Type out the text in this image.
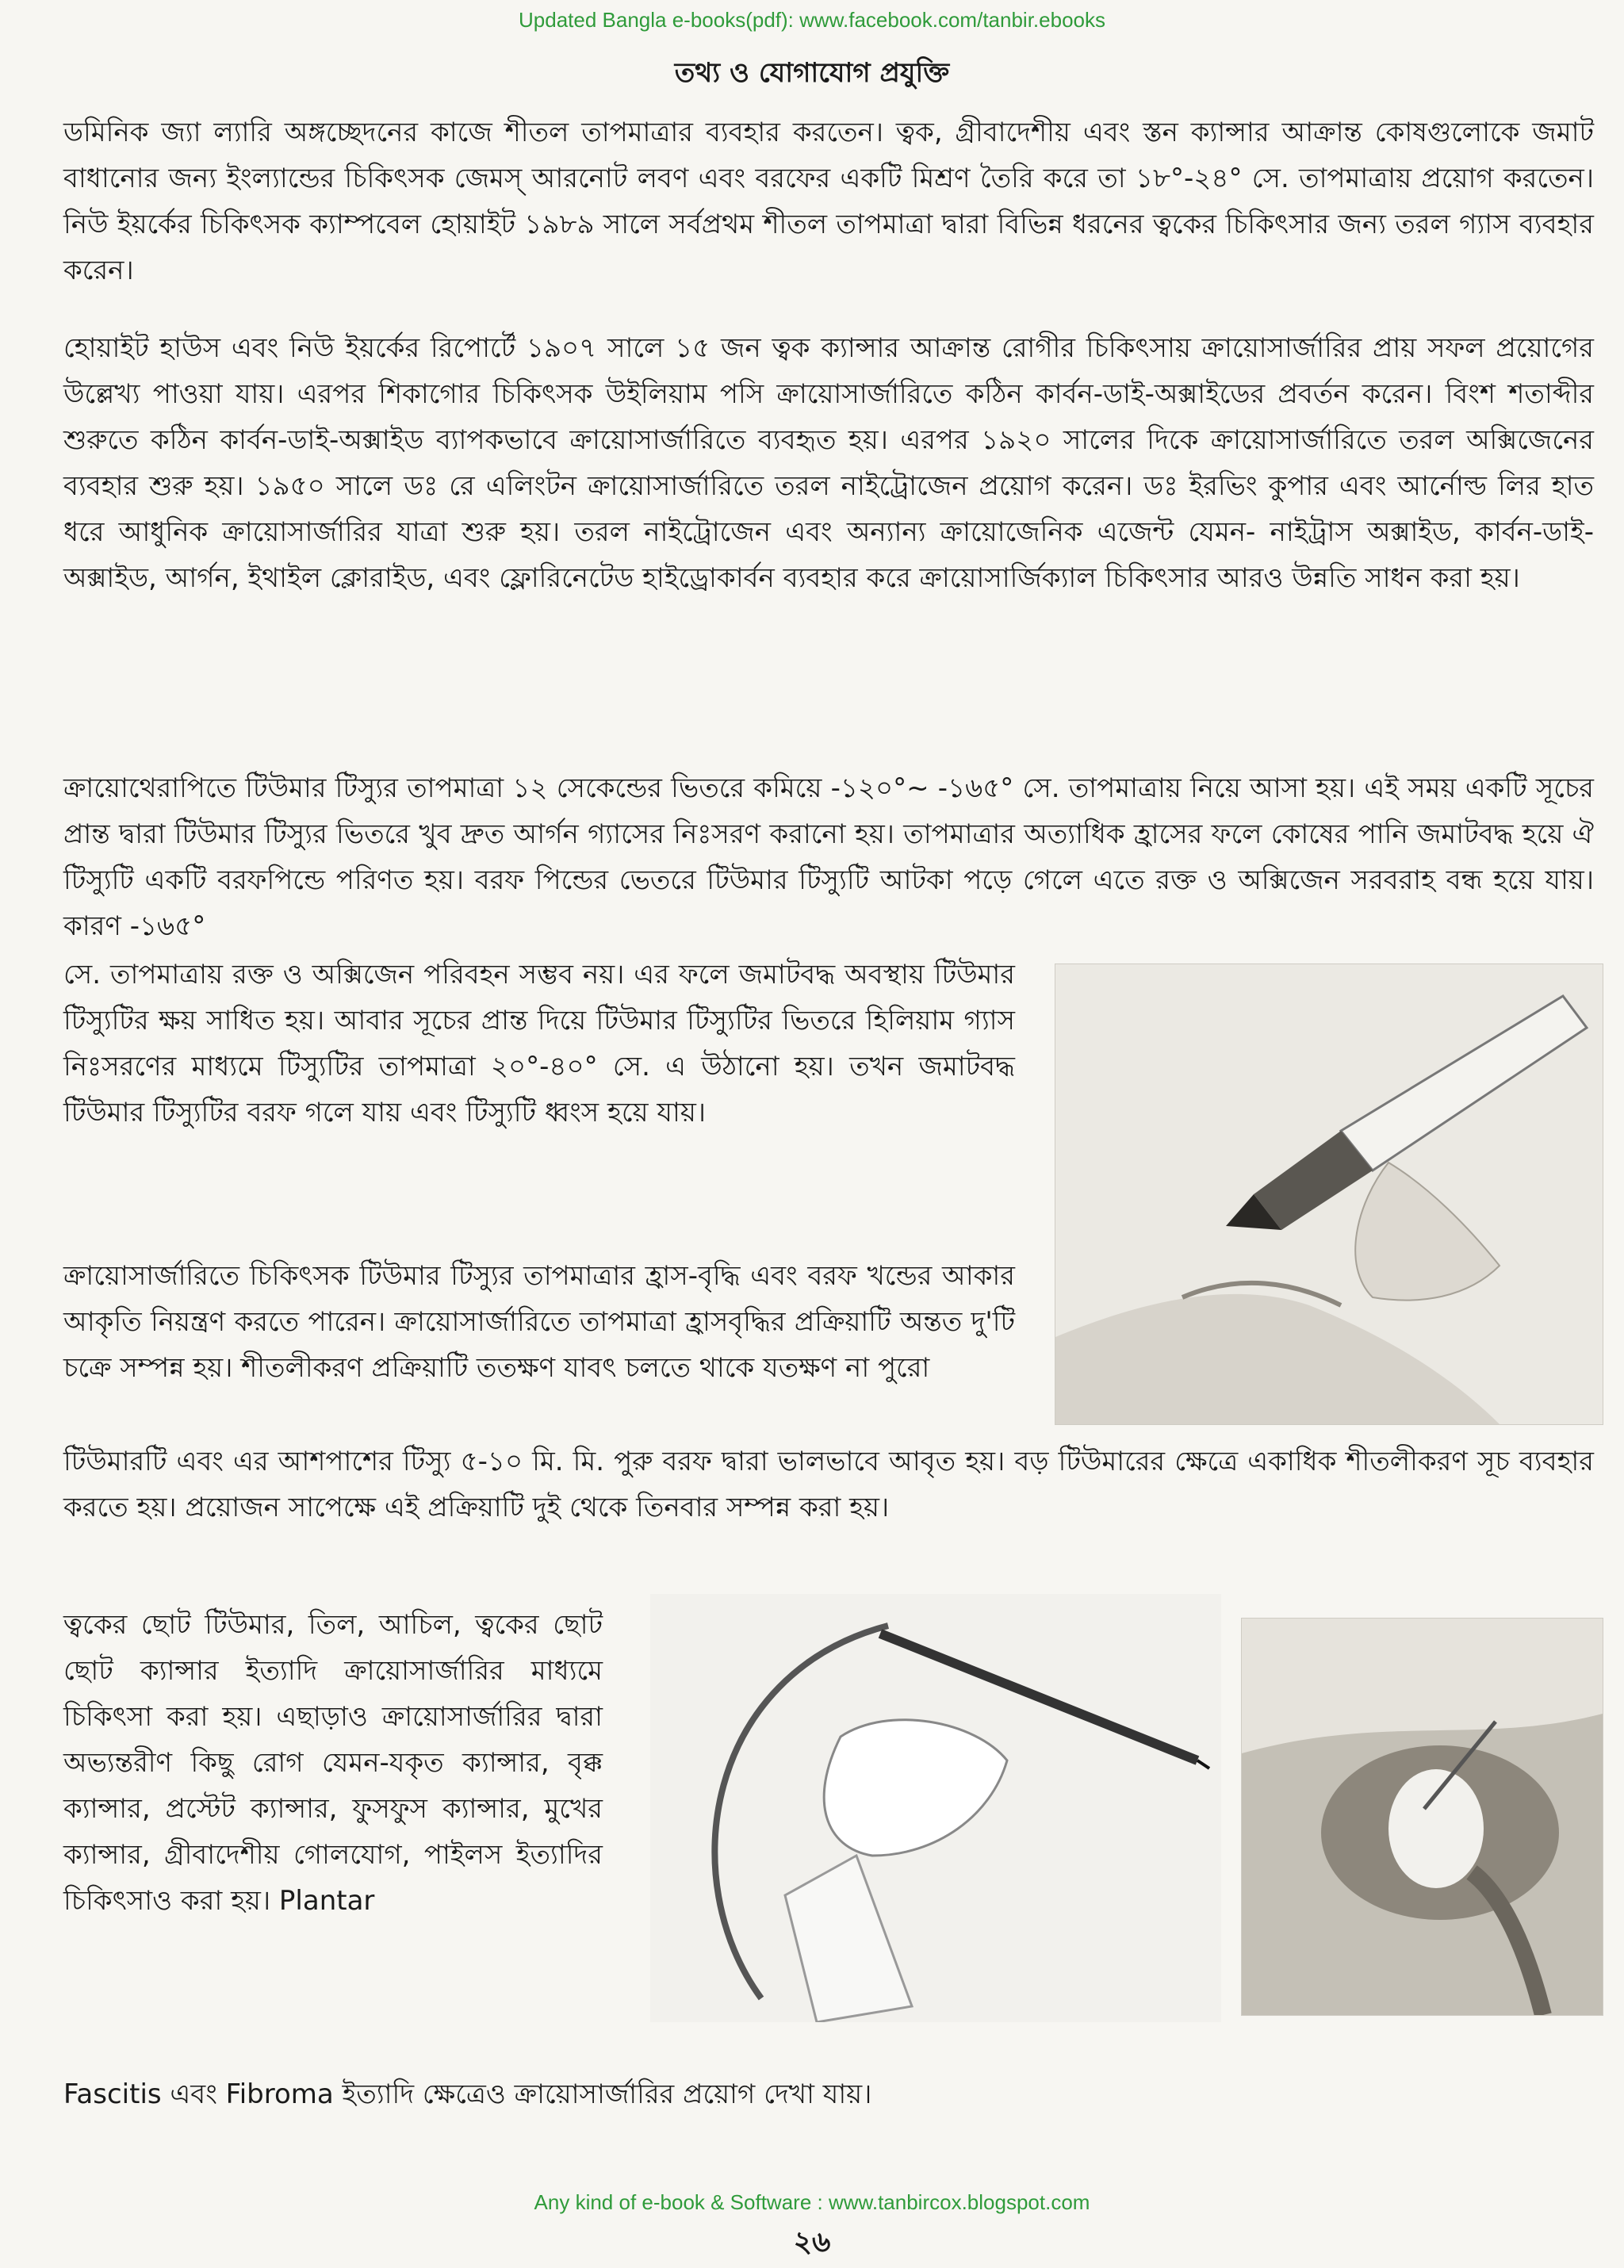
Updated Bangla e-books(pdf): www.facebook.com/tanbir.ebooks
তথ্য ও যোগাযোগ প্রযুক্তি

ডমিনিক জ্যা ল্যারি অঙ্গচ্ছেদনের কাজে শীতল তাপমাত্রার ব্যবহার করতেন। ত্বক, গ্রীবাদেশীয় এবং স্তন ক্যান্সার আক্রান্ত কোষগুলোকে জমাট বাধানোর জন্য ইংল্যান্ডের চিকিৎসক জেমস্ আরনোট লবণ এবং বরফের একটি মিশ্রণ তৈরি করে তা ১৮°-২৪° সে. তাপমাত্রায় প্রয়োগ করতেন। নিউ ইয়র্কের চিকিৎসক ক্যাম্পবেল হোয়াইট ১৯৮৯ সালে সর্বপ্রথম শীতল তাপমাত্রা দ্বারা বিভিন্ন ধরনের ত্বকের চিকিৎসার জন্য তরল গ্যাস ব্যবহার করেন।

হোয়াইট হাউস এবং নিউ ইয়র্কের রিপোর্টে ১৯০৭ সালে ১৫ জন ত্বক ক্যান্সার আক্রান্ত রোগীর চিকিৎসায় ক্রায়োসার্জারির প্রায় সফল প্রয়োগের উল্লেখ্য পাওয়া যায়। এরপর শিকাগোর চিকিৎসক উইলিয়াম পসি ক্রায়োসার্জারিতে কঠিন কার্বন-ডাই-অক্সাইডের প্রবর্তন করেন। বিংশ শতাব্দীর শুরুতে কঠিন কার্বন-ডাই-অক্সাইড ব্যাপকভাবে ক্রায়োসার্জারিতে ব্যবহৃত হয়। এরপর ১৯২০ সালের দিকে ক্রায়োসার্জারিতে তরল অক্সিজেনের ব্যবহার শুরু হয়। ১৯৫০ সালে ডঃ রে এলিংটন ক্রায়োসার্জারিতে তরল নাইট্রোজেন প্রয়োগ করেন। ডঃ ইরভিং কুপার এবং আর্নোল্ড লির হাত ধরে আধুনিক ক্রায়োসার্জারির যাত্রা শুরু হয়। তরল নাইট্রোজেন এবং অন্যান্য ক্রায়োজেনিক এজেন্ট যেমন- নাইট্রাস অক্সাইড, কার্বন-ডাই-অক্সাইড, আর্গন, ইথাইল ক্লোরাইড, এবং ফ্লোরিনেটেড হাইড্রোকার্বন ব্যবহার করে ক্রায়োসার্জিক্যাল চিকিৎসার আরও উন্নতি সাধন করা হয়।

ক্রায়োথেরাপিতে টিউমার টিস্যুর তাপমাত্রা ১২ সেকেন্ডের ভিতরে কমিয়ে -১২০°~ -১৬৫° সে. তাপমাত্রায় নিয়ে আসা হয়। এই সময় একটি সূচের প্রান্ত দ্বারা টিউমার টিস্যুর ভিতরে খুব দ্রুত আর্গন গ্যাসের নিঃসরণ করানো হয়। তাপমাত্রার অত্যাধিক হ্রাসের ফলে কোষের পানি জমাটবদ্ধ হয়ে ঐ টিস্যুটি একটি বরফপিন্ডে পরিণত হয়। বরফ পিন্ডের ভেতরে টিউমার টিস্যুটি আটকা পড়ে গেলে এতে রক্ত ও অক্সিজেন সরবরাহ বন্ধ হয়ে যায়। কারণ -১৬৫°

সে. তাপমাত্রায় রক্ত ও অক্সিজেন পরিবহন সম্ভব নয়। এর ফলে জমাটবদ্ধ অবস্থায় টিউমার টিস্যুটির ক্ষয় সাধিত হয়। আবার সূচের প্রান্ত দিয়ে টিউমার টিস্যুটির ভিতরে হিলিয়াম গ্যাস নিঃসরণের মাধ্যমে টিস্যুটির তাপমাত্রা ২০°-৪০° সে. এ উঠানো হয়। তখন জমাটবদ্ধ টিউমার টিস্যুটির বরফ গলে যায় এবং টিস্যুটি ধ্বংস হয়ে যায়।

ক্রায়োসার্জারিতে চিকিৎসক টিউমার টিস্যুর তাপমাত্রার হ্রাস-বৃদ্ধি এবং বরফ খন্ডের আকার আকৃতি নিয়ন্ত্রণ করতে পারেন। ক্রায়োসার্জারিতে তাপমাত্রা হ্রাসবৃদ্ধির প্রক্রিয়াটি অন্তত দু'টি চক্রে সম্পন্ন হয়। শীতলীকরণ প্রক্রিয়াটি ততক্ষণ যাবৎ চলতে থাকে যতক্ষণ না পুরো

টিউমারটি এবং এর আশপাশের টিস্যু ৫-১০ মি. মি. পুরু বরফ দ্বারা ভালভাবে আবৃত হয়। বড় টিউমারের ক্ষেত্রে একাধিক শীতলীকরণ সূচ ব্যবহার করতে হয়। প্রয়োজন সাপেক্ষে এই প্রক্রিয়াটি দুই থেকে তিনবার সম্পন্ন করা হয়।

ত্বকের ছোট টিউমার, তিল, আচিল, ত্বকের ছোট ছোট ক্যান্সার ইত্যাদি ক্রায়োসার্জারির মাধ্যমে চিকিৎসা করা হয়। এছাড়াও ক্রায়োসার্জারির দ্বারা অভ্যন্তরীণ কিছু রোগ যেমন-যকৃত ক্যান্সার, বৃক্ক ক্যান্সার, প্রস্টেট ক্যান্সার, ফুসফুস ক্যান্সার, মুখের ক্যান্সার, গ্রীবাদেশীয় গোলযোগ, পাইলস ইত্যাদির চিকিৎসাও করা হয়। Plantar

Fascitis এবং Fibroma ইত্যাদি ক্ষেত্রেও ক্রায়োসার্জারির প্রয়োগ দেখা যায়।

Any kind of e-book & Software : www.tanbircox.blogspot.com
২৬
